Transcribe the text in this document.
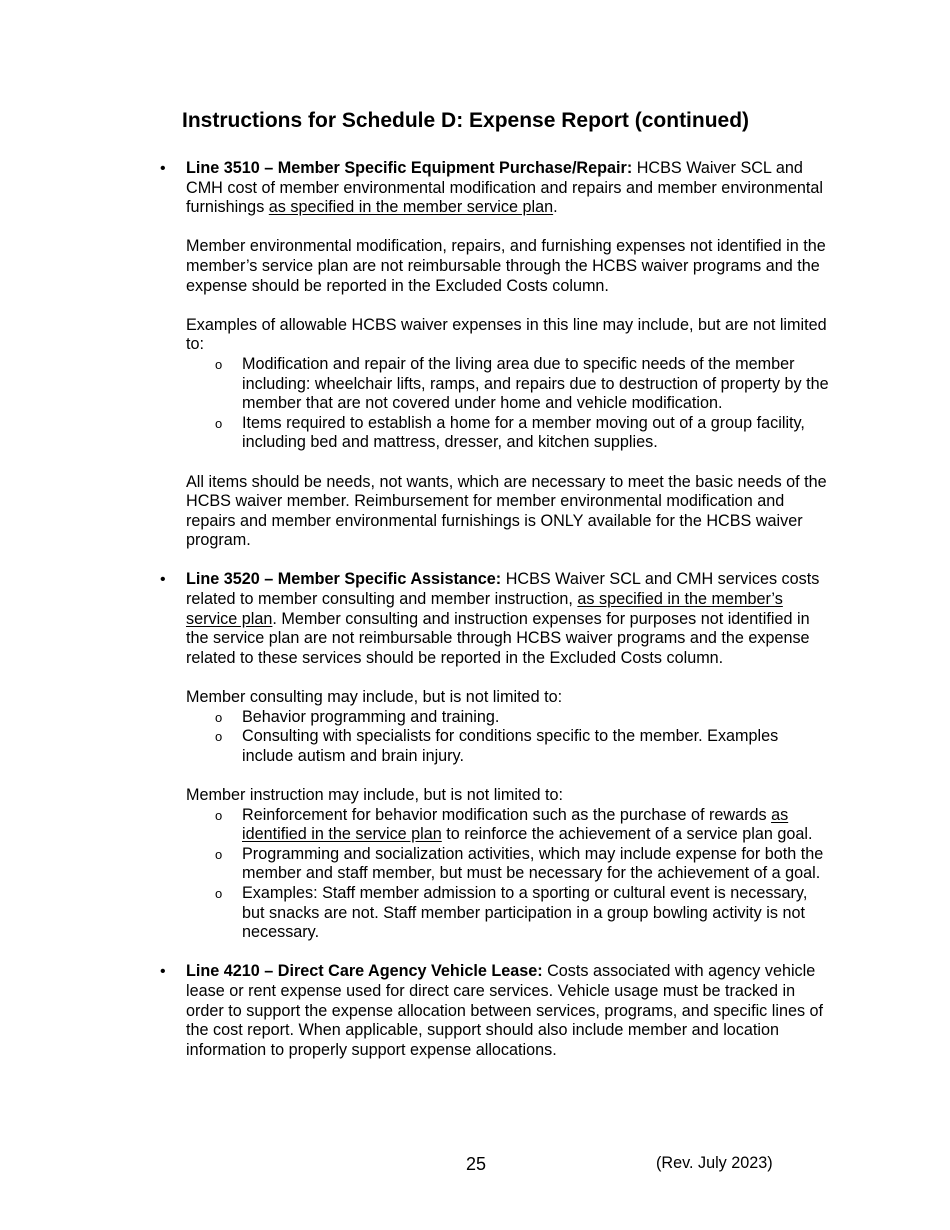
Instructions for Schedule D: Expense Report (continued)
•

Line 3510 – Member Specific Equipment Purchase/Repair: HCBS Waiver SCL and CMH cost of member environmental modification and repairs and member environmental furnishings as specified in the member service plan.

Member environmental modification, repairs, and furnishing expenses not identified in the member’s service plan are not reimbursable through the HCBS waiver programs and the expense should be reported in the Excluded Costs column.

Examples of allowable HCBS waiver expenses in this line may include, but are not limited to:

o Modification and repair of the living area due to specific needs of the member including: wheelchair lifts, ramps, and repairs due to destruction of property by the member that are not covered under home and vehicle modification.
o Items required to establish a home for a member moving out of a group facility, including bed and mattress, dresser, and kitchen supplies.

All items should be needs, not wants, which are necessary to meet the basic needs of the HCBS waiver member. Reimbursement for member environmental modification and repairs and member environmental furnishings is ONLY available for the HCBS waiver program.

•

Line 3520 – Member Specific Assistance: HCBS Waiver SCL and CMH services costs related to member consulting and member instruction, as specified in the member’s service plan. Member consulting and instruction expenses for purposes not identified in the service plan are not reimbursable through HCBS waiver programs and the expense related to these services should be reported in the Excluded Costs column.

Member consulting may include, but is not limited to:

o Behavior programming and training.
o Consulting with specialists for conditions specific to the member. Examples include autism and brain injury.

Member instruction may include, but is not limited to:

o Reinforcement for behavior modification such as the purchase of rewards as identified in the service plan to reinforce the achievement of a service plan goal.
o Programming and socialization activities, which may include expense for both the member and staff member, but must be necessary for the achievement of a goal.
o Examples: Staff member admission to a sporting or cultural event is necessary, but snacks are not. Staff member participation in a group bowling activity is not necessary.
•

Line 4210 – Direct Care Agency Vehicle Lease: Costs associated with agency vehicle lease or rent expense used for direct care services. Vehicle usage must be tracked in order to support the expense allocation between services, programs, and specific lines of the cost report. When applicable, support should also include member and location information to properly support expense allocations.

25	(Rev. July 2023)
